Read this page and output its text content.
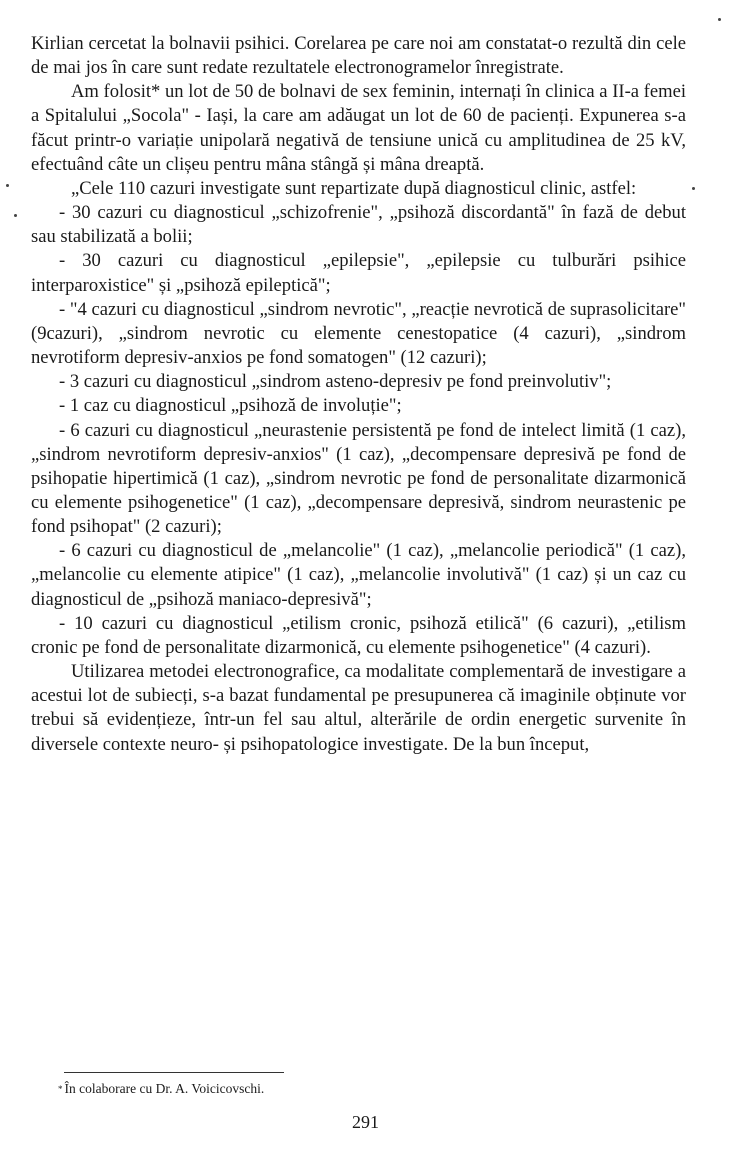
Kirlian cercetat la bolnavii psihici. Corelarea pe care noi am constatat-o rezultă din cele de mai jos în care sunt redate rezultatele electronogramelor înregistrate.

Am folosit* un lot de 50 de bolnavi de sex feminin, internați în clinica a II-a femei a Spitalului „Socola" - Iași, la care am adăugat un lot de 60 de pacienți. Expunerea s-a făcut printr-o variație unipolară negativă de tensiune unică cu amplitudinea de 25 kV, efectuând câte un clișeu pentru mâna stângă și mâna dreaptă.

„Cele 110 cazuri investigate sunt repartizate după diagnosticul clinic, astfel:

- 30 cazuri cu diagnosticul „schizofrenie", „psihoză discordantă" în fază de debut sau stabilizată a bolii;

- 30 cazuri cu diagnosticul „epilepsie", „epilepsie cu tulburări psihice interparoxistice" și „psihoză epileptică";

- "4 cazuri cu diagnosticul „sindrom nevrotic", „reacție nevrotică de suprasolicitare" (9cazuri), „sindrom nevrotic cu elemente cenestopatice (4 cazuri), „sindrom nevrotiform depresiv-anxios pe fond somatogen" (12 cazuri);

- 3 cazuri cu diagnosticul „sindrom asteno-depresiv pe fond preinvolutiv";

- 1 caz cu diagnosticul „psihoză de involuție";

- 6 cazuri cu diagnosticul „neurastenie persistentă pe fond de intelect limită (1 caz), „sindrom nevrotiform depresiv-anxios" (1 caz), „decompensare depresivă pe fond de psihopatie hipertimică (1 caz), „sindrom nevrotic pe fond de personalitate dizarmonică cu elemente psihogenetice" (1 caz), „decompensare depresivă, sindrom neurastenic pe fond psihopat" (2 cazuri);

- 6 cazuri cu diagnosticul de „melancolie" (1 caz), „melancolie periodică" (1 caz), „melancolie cu elemente atipice" (1 caz), „melancolie involutivă" (1 caz) și un caz cu diagnosticul de „psihoză maniaco-depresivă";

- 10 cazuri cu diagnosticul „etilism cronic, psihoză etilică" (6 cazuri), „etilism cronic pe fond de personalitate dizarmonică, cu elemente psihogenetice" (4 cazuri).

Utilizarea metodei electronografice, ca modalitate complementară de investigare a acestui lot de subiecți, s-a bazat fundamental pe presupunerea că imaginile obținute vor trebui să evidențieze, într-un fel sau altul, alterările de ordin energetic survenite în diversele contexte neuro- și psihopatologice investigate. De la bun început,

* În colaborare cu Dr. A. Voicicovschi.
291
